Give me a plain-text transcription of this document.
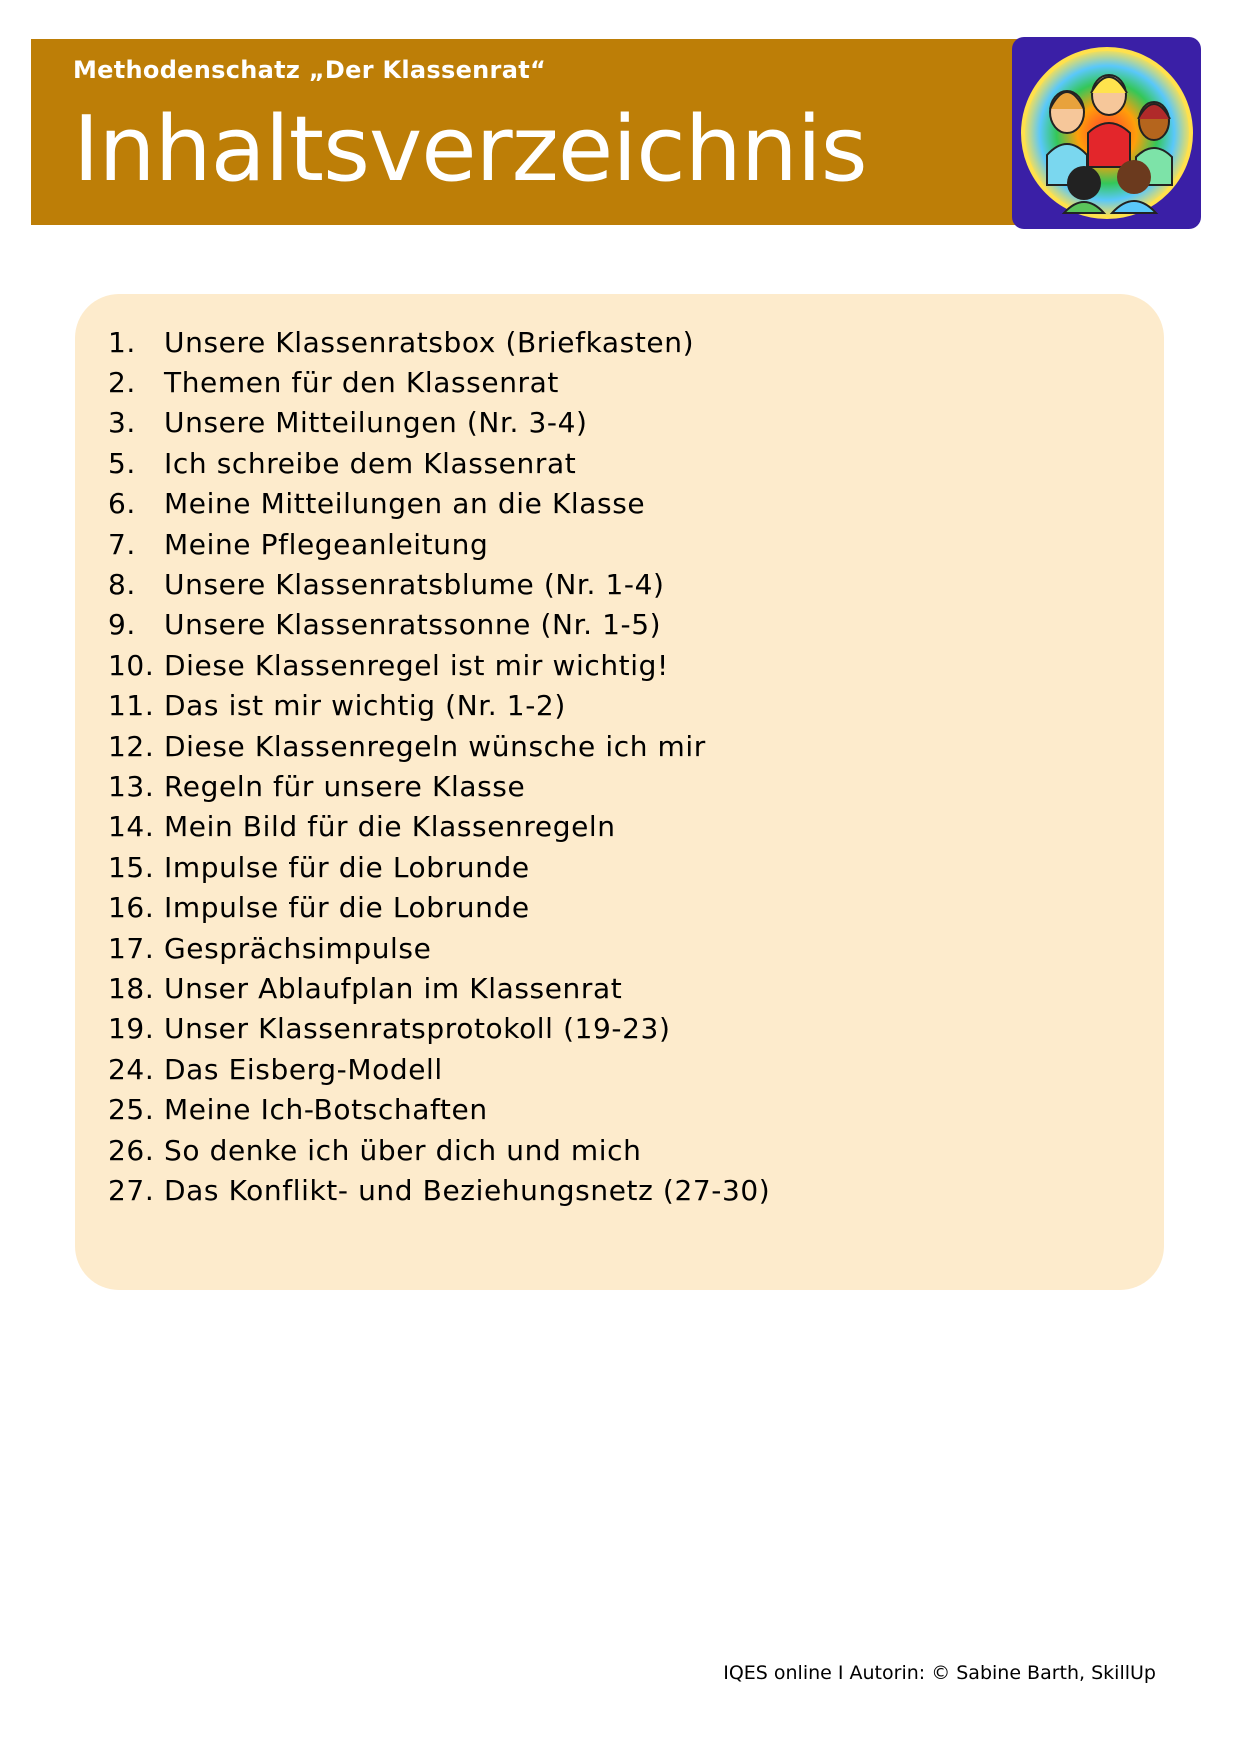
Methodenschatz „Der Klassenrat“
Inhaltsverzeichnis
1.	Unsere Klassenratsbox (Briefkasten)
2.	Themen für den Klassenrat
3.	Unsere Mitteilungen (Nr. 3-4)
5.	Ich schreibe dem Klassenrat
6.	Meine Mitteilungen an die Klasse
7.	Meine Pflegeanleitung
8.	Unsere Klassenratsblume (Nr. 1-4)
9.	Unsere Klassenratssonne (Nr. 1-5)
10. Diese Klassenregel ist mir wichtig!
11. Das ist mir wichtig (Nr. 1-2)
12. Diese Klassenregeln wünsche ich mir
13. Regeln für unsere Klasse
14. Mein Bild für die Klassenregeln
15. Impulse für die Lobrunde
16. Impulse für die Lobrunde
17. Gesprächsimpulse
18. Unser Ablaufplan im Klassenrat
19. Unser Klassenratsprotokoll (19-23)
24. Das Eisberg-Modell
25. Meine Ich-Botschaften
26. So denke ich über dich und mich
27. Das Konflikt- und Beziehungsnetz (27-30)
IQES online I Autorin: © Sabine Barth, SkillUp
